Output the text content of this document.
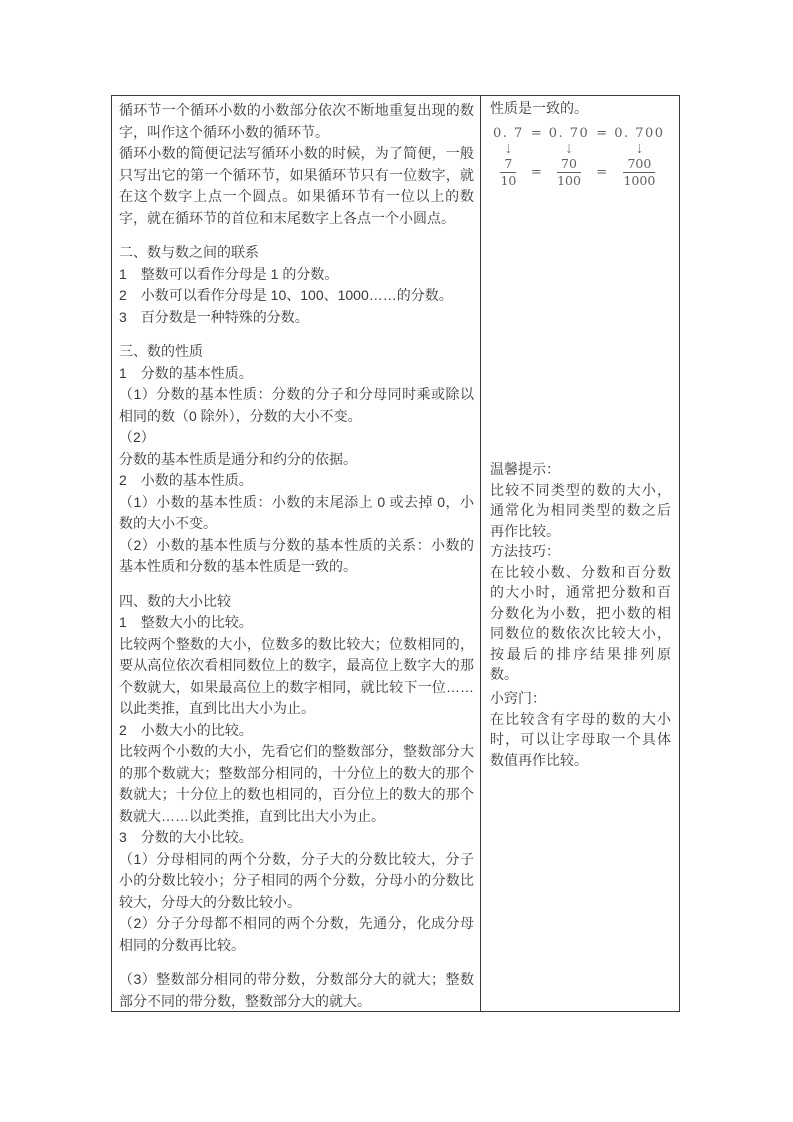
循环节一个循环小数的小数部分依次不断地重复出现的数字，叫作这个循环小数的循环节。
循环小数的简便记法写循环小数的时候，为了简便，一般只写出它的第一个循环节，如果循环节只有一位数字，就在这个数字上点一个圆点。如果循环节有一位以上的数字，就在循环节的首位和末尾数字上各点一个小圆点。
二、数与数之间的联系
1　整数可以看作分母是 1 的分数。
2　小数可以看作分母是 10、100、1000……的分数。
3　百分数是一种特殊的分数。
三、数的性质
1　分数的基本性质。
（1）分数的基本性质：分数的分子和分母同时乘或除以相同的数（0 除外），分数的大小不变。
（2）
分数的基本性质是通分和约分的依据。
2　小数的基本性质。
（1）小数的基本性质：小数的末尾添上 0 或去掉 0，小数的大小不变。
（2）小数的基本性质与分数的基本性质的关系：小数的基本性质和分数的基本性质是一致的。
四、数的大小比较
1　整数大小的比较。
比较两个整数的大小，位数多的数比较大；位数相同的，要从高位依次看相同数位上的数字，最高位上数字大的那个数就大，如果最高位上的数字相同，就比较下一位……以此类推，直到比出大小为止。
2　小数大小的比较。
比较两个小数的大小，先看它们的整数部分，整数部分大的那个数就大；整数部分相同的，十分位上的数大的那个数就大；十分位上的数也相同的，百分位上的数大的那个数就大……以此类推，直到比出大小为止。
3　分数的大小比较。
（1）分母相同的两个分数，分子大的分数比较大，分子小的分数比较小；分子相同的两个分数，分母小的分数比较大，分母大的分数比较小。
（2）分子分母都不相同的两个分数，先通分，化成分母相同的分数再比较。
（3）整数部分相同的带分数，分数部分大的就大；整数部分不同的带分数，整数部分大的就大。
性质是一致的。
0. 7 = 0. 70 = 0. 700
⇣	⇣	⇣
$\frac{7}{10} = \frac{70}{100} = \frac{700}{1000}$
温馨提示：
比较不同类型的数的大小，通常化为相同类型的数之后再作比较。
方法技巧：
在比较小数、分数和百分数的大小时，通常把分数和百分数化为小数，把小数的相同数位的数依次比较大小，按最后的排序结果排列原数。
小窍门：
在比较含有字母的数的大小时，可以让字母取一个具体数值再作比较。
